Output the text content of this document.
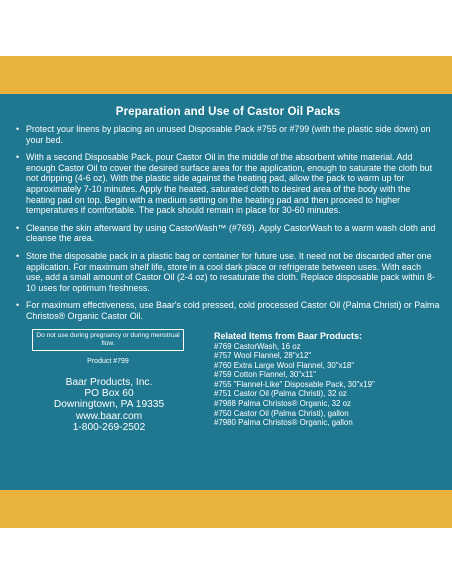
Preparation and Use of Castor Oil Packs
• Protect your linens by placing an unused Disposable Pack #755 or #799 (with the plastic side down) on your bed.
• With a second Disposable Pack, pour Castor Oil in the middle of the absorbent white material. Add enough Castor Oil to cover the desired surface area for the application, enough to saturate the cloth but not dripping (4-6 oz). With the plastic side against the heating pad, allow the pack to warm up for approximately 7-10 minutes. Apply the heated, saturated cloth to desired area of the body with the heating pad on top. Begin with a medium setting on the heating pad and then proceed to higher temperatures if comfortable. The pack should remain in place for 30-60 minutes.
• Cleanse the skin afterward by using CastorWash™ (#769). Apply CastorWash to a warm wash cloth and cleanse the area.
• Store the disposable pack in a plastic bag or container for future use. It need not be discarded after one application. For maximum shelf life, store in a cool dark place or refrigerate between uses. With each use, add a small amount of Castor Oil (2-4 oz) to resaturate the cloth. Replace disposable pack within 8-10 uses for optimum freshness.
• For maximum effectiveness, use Baar's cold pressed, cold processed Castor Oil (Palma Christi) or Palma Christos® Organic Castor Oil.
Do not use during pregnancy or during menstrual flow.
Product #799
Baar Products, Inc.
PO Box 60
Downingtown, PA 19335
www.baar.com
1-800-269-2502
Related Items from Baar Products:
#769 CastorWash, 16 oz
#757 Wool Flannel, 28"x12"
#760 Extra Large Wool Flannel, 30"x18"
#759 Cotton Flannel, 30"x11"
#755 "Flannel-Like" Disposable Pack, 30"x19"
#751 Castor Oil (Palma Christi), 32 oz
#7988 Palma Christos® Organic, 32 oz
#750 Castor Oil (Palma Christi), gallon
#7980 Palma Christos® Organic, gallon
